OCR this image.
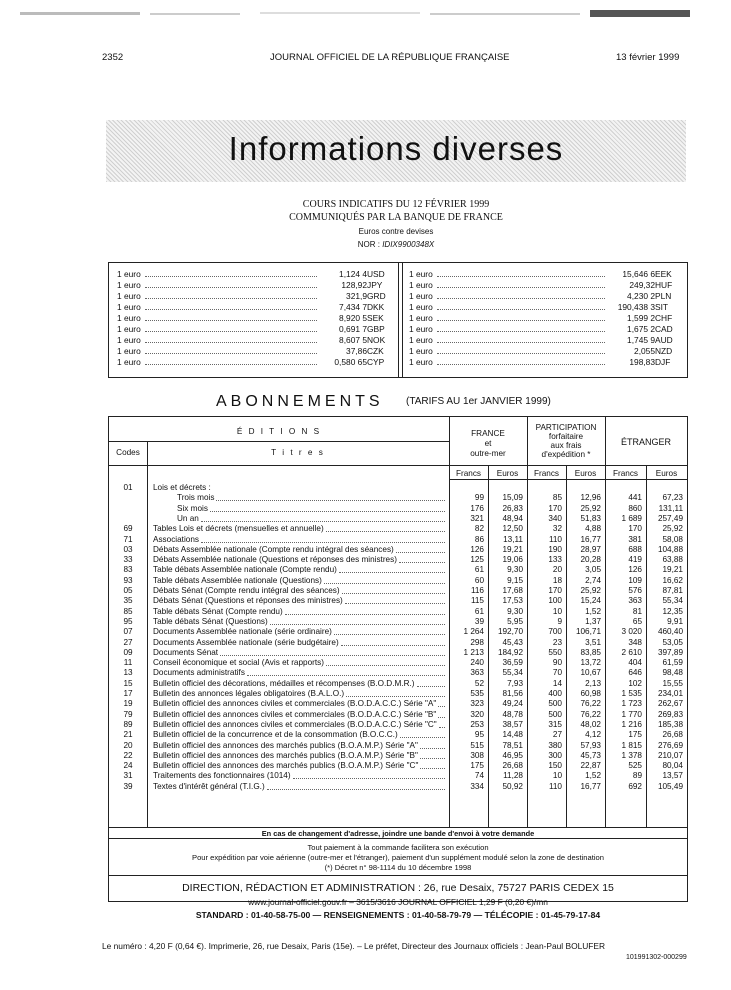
2352	JOURNAL OFFICIEL DE LA RÉPUBLIQUE FRANÇAISE	13 février 1999
Informations diverses
COURS INDICATIFS DU 12 FÉVRIER 1999
COMMUNIQUÉS PAR LA BANQUE DE FRANCE
Euros contre devises
NOR : IDIX9900348X
1 euro	1,124 4 USD
1 euro	128,92 JPY
1 euro	321,9 GRD
1 euro	7,434 7 DKK
1 euro	8,920 5 SEK
1 euro	0,691 7 GBP
1 euro	8,607 5 NOK
1 euro	37,86 CZK
1 euro	0,580 65 CYP
1 euro	15,646 6 EEK
1 euro	249,32 HUF
1 euro	4,230 2 PLN
1 euro	190,438 3 SIT
1 euro	1,599 2 CHF
1 euro	1,675 2 CAD
1 euro	1,745 9 AUD
1 euro	2,055 NZD
1 euro	198,83 DJF
ABONNEMENTS (TARIFS AU 1er JANVIER 1999)
É D I T I O N S
Codes	T i t r e s
FRANCE
et
outre-mer
PARTICIPATION
forfaitaire
aux frais
d'expédition *
ÉTRANGER
Francs	Euros	Francs	Euros	Francs	Euros
01	Lois et décrets :
Trois mois	99	15,09	85	12,96	441	67,23
Six mois	176	26,83	170	25,92	860	131,11
Un an	321	48,94	340	51,83	1 689	257,49
69	Tables Lois et décrets (mensuelles et annuelle)	82	12,50	32	4,88	170	25,92
71	Associations	86	13,11	110	16,77	381	58,08
03	Débats Assemblée nationale (Compte rendu intégral des séances)	126	19,21	190	28,97	688	104,88
33	Débats Assemblée nationale (Questions et réponses des ministres)	125	19,06	133	20,28	419	63,88
83	Table débats Assemblée nationale (Compte rendu)	61	9,30	20	3,05	126	19,21
93	Table débats Assemblée nationale (Questions)	60	9,15	18	2,74	109	16,62
05	Débats Sénat (Compte rendu intégral des séances)	116	17,68	170	25,92	576	87,81
35	Débats Sénat (Questions et réponses des ministres)	115	17,53	100	15,24	363	55,34
85	Table débats Sénat (Compte rendu)	61	9,30	10	1,52	81	12,35
95	Table débats Sénat (Questions)	39	5,95	9	1,37	65	9,91
07	Documents Assemblée nationale (série ordinaire)	1 264	192,70	700	106,71	3 020	460,40
27	Documents Assemblée nationale (série budgétaire)	298	45,43	23	3,51	348	53,05
09	Documents Sénat	1 213	184,92	550	83,85	2 610	397,89
11	Conseil économique et social (Avis et rapports)	240	36,59	90	13,72	404	61,59
13	Documents administratifs	363	55,34	70	10,67	646	98,48
15	Bulletin officiel des décorations, médailles et récompenses (B.O.D.M.R.)	52	7,93	14	2,13	102	15,55
17	Bulletin des annonces légales obligatoires (B.A.L.O.)	535	81,56	400	60,98	1 535	234,01
19	Bulletin officiel des annonces civiles et commerciales (B.O.D.A.C.C.) Série "A"	323	49,24	500	76,22	1 723	262,67
79	Bulletin officiel des annonces civiles et commerciales (B.O.D.A.C.C.) Série "B"	320	48,78	500	76,22	1 770	269,83
89	Bulletin officiel des annonces civiles et commerciales (B.O.D.A.C.C.) Série "C"	253	38,57	315	48,02	1 216	185,38
21	Bulletin officiel de la concurrence et de la consommation (B.O.C.C.)	95	14,48	27	4,12	175	26,68
20	Bulletin officiel des annonces des marchés publics (B.O.A.M.P.) Série "A"	515	78,51	380	57,93	1 815	276,69
22	Bulletin officiel des annonces des marchés publics (B.O.A.M.P.) Série "B"	308	46,95	300	45,73	1 378	210,07
24	Bulletin officiel des annonces des marchés publics (B.O.A.M.P.) Série "C"	175	26,68	150	22,87	525	80,04
31	Traitements des fonctionnaires (1014)	74	11,28	10	1,52	89	13,57
39	Textes d'intérêt général (T.I.G.)	334	50,92	110	16,77	692	105,49
En cas de changement d'adresse, joindre une bande d'envoi à votre demande
Tout paiement à la commande facilitera son exécution
Pour expédition par voie aérienne (outre-mer et l'étranger), paiement d'un supplément modulé selon la zone de destination
(*) Décret n° 98-1114 du 10 décembre 1998
DIRECTION, RÉDACTION ET ADMINISTRATION : 26, rue Desaix, 75727 PARIS CEDEX 15
www.journal-officiel.gouv.fr – 3615/3616 JOURNAL OFFICIEL 1,29 F (0,20 €)/mn
STANDARD : 01-40-58-75-00 — RENSEIGNEMENTS : 01-40-58-79-79 — TÉLÉCOPIE : 01-45-79-17-84
Le numéro : 4,20 F (0,64 €). Imprimerie, 26, rue Desaix, Paris (15e). – Le préfet, Directeur des Journaux officiels : Jean-Paul BOLUFER
101991302-000299
